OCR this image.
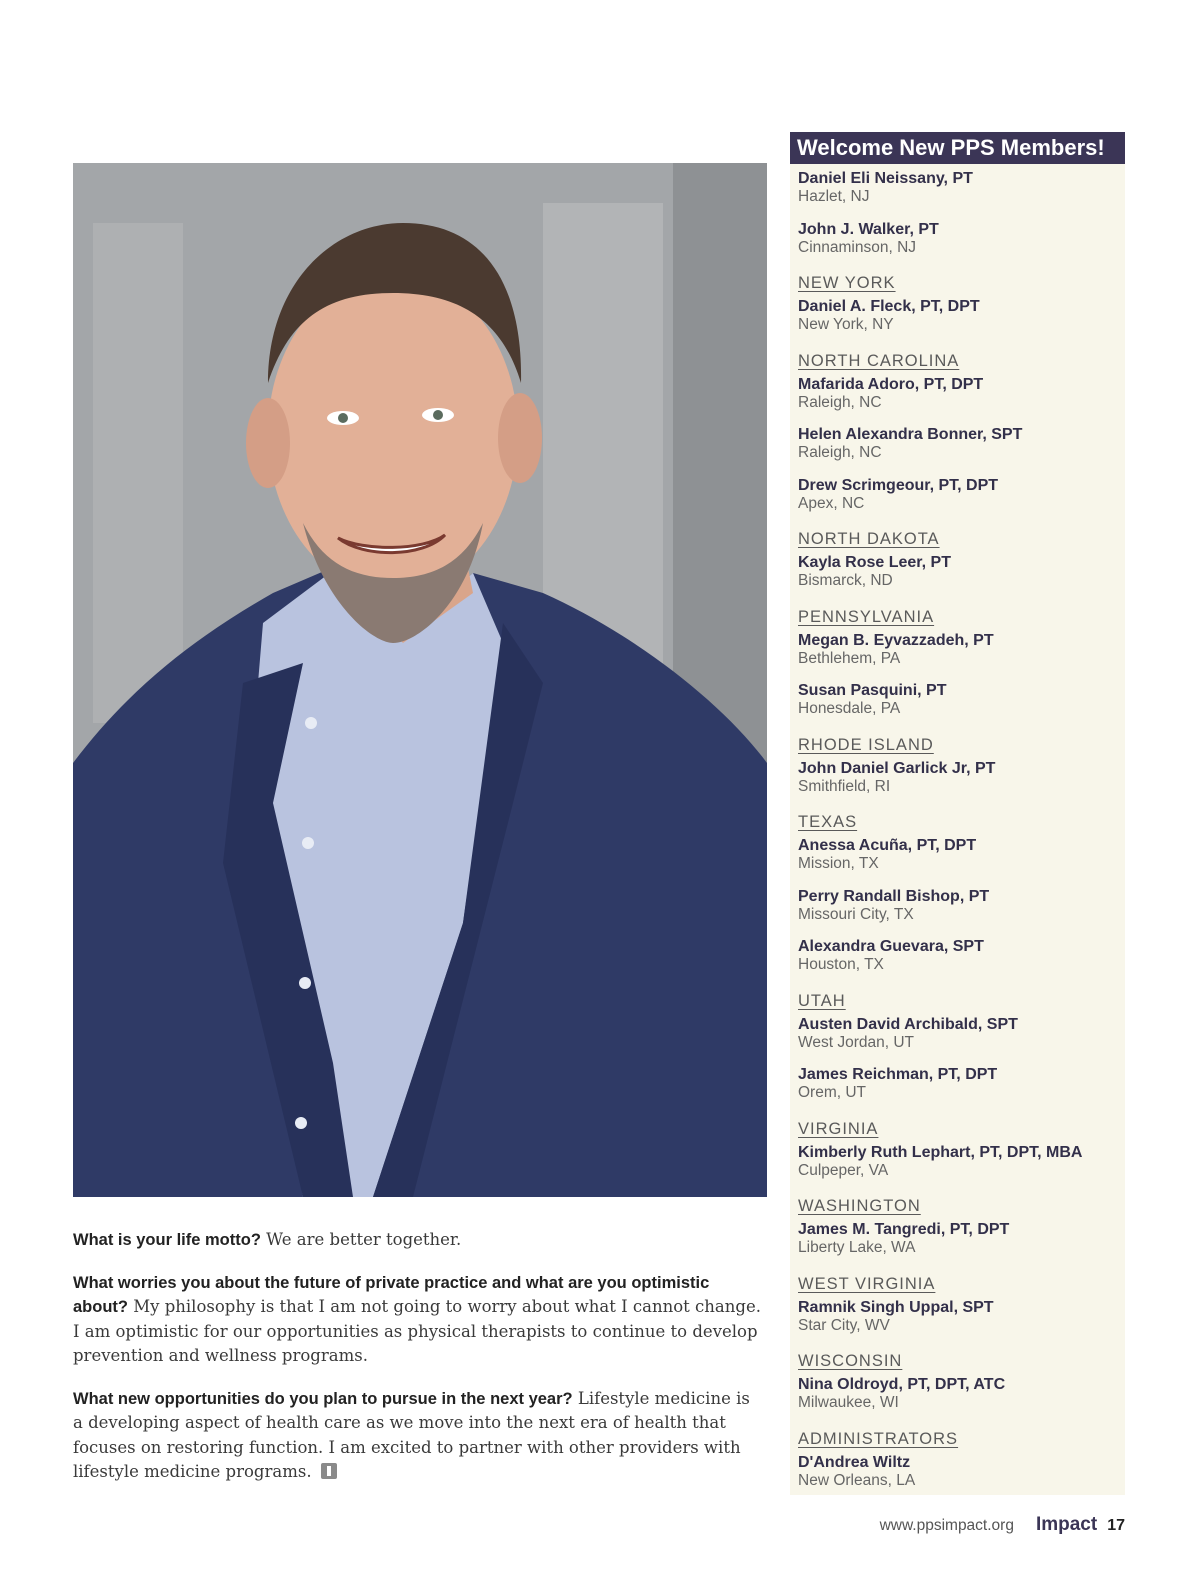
What is your life motto? We are better together.

What worries you about the future of private practice and what are you optimistic about? My philosophy is that I am not going to worry about what I cannot change. I am optimistic for our opportunities as physical therapists to continue to develop prevention and wellness programs.

What new opportunities do you plan to pursue in the next year? Lifestyle medicine is a developing aspect of health care as we move into the next era of health that focuses on restoring function. I am excited to partner with other providers with lifestyle medicine programs.

Welcome New PPS Members!
Daniel Eli Neissany, PT
Hazlet, NJ
John J. Walker, PT
Cinnaminson, NJ
NEW YORK
Daniel A. Fleck, PT, DPT
New York, NY
NORTH CAROLINA
Mafarida Adoro, PT, DPT
Raleigh, NC
Helen Alexandra Bonner, SPT
Raleigh, NC
Drew Scrimgeour, PT, DPT
Apex, NC
NORTH DAKOTA
Kayla Rose Leer, PT
Bismarck, ND
PENNSYLVANIA
Megan B. Eyvazzadeh, PT
Bethlehem, PA
Susan Pasquini, PT
Honesdale, PA
RHODE ISLAND
John Daniel Garlick Jr, PT
Smithfield, RI
TEXAS
Anessa Acuña, PT, DPT
Mission, TX
Perry Randall Bishop, PT
Missouri City, TX
Alexandra Guevara, SPT
Houston, TX
UTAH
Austen David Archibald, SPT
West Jordan, UT
James Reichman, PT, DPT
Orem, UT
VIRGINIA
Kimberly Ruth Lephart, PT, DPT, MBA
Culpeper, VA
WASHINGTON
James M. Tangredi, PT, DPT
Liberty Lake, WA
WEST VIRGINIA
Ramnik Singh Uppal, SPT
Star City, WV
WISCONSIN
Nina Oldroyd, PT, DPT, ATC
Milwaukee, WI
ADMINISTRATORS
D'Andrea Wiltz
New Orleans, LA
www.ppsimpact.org Impact 17
